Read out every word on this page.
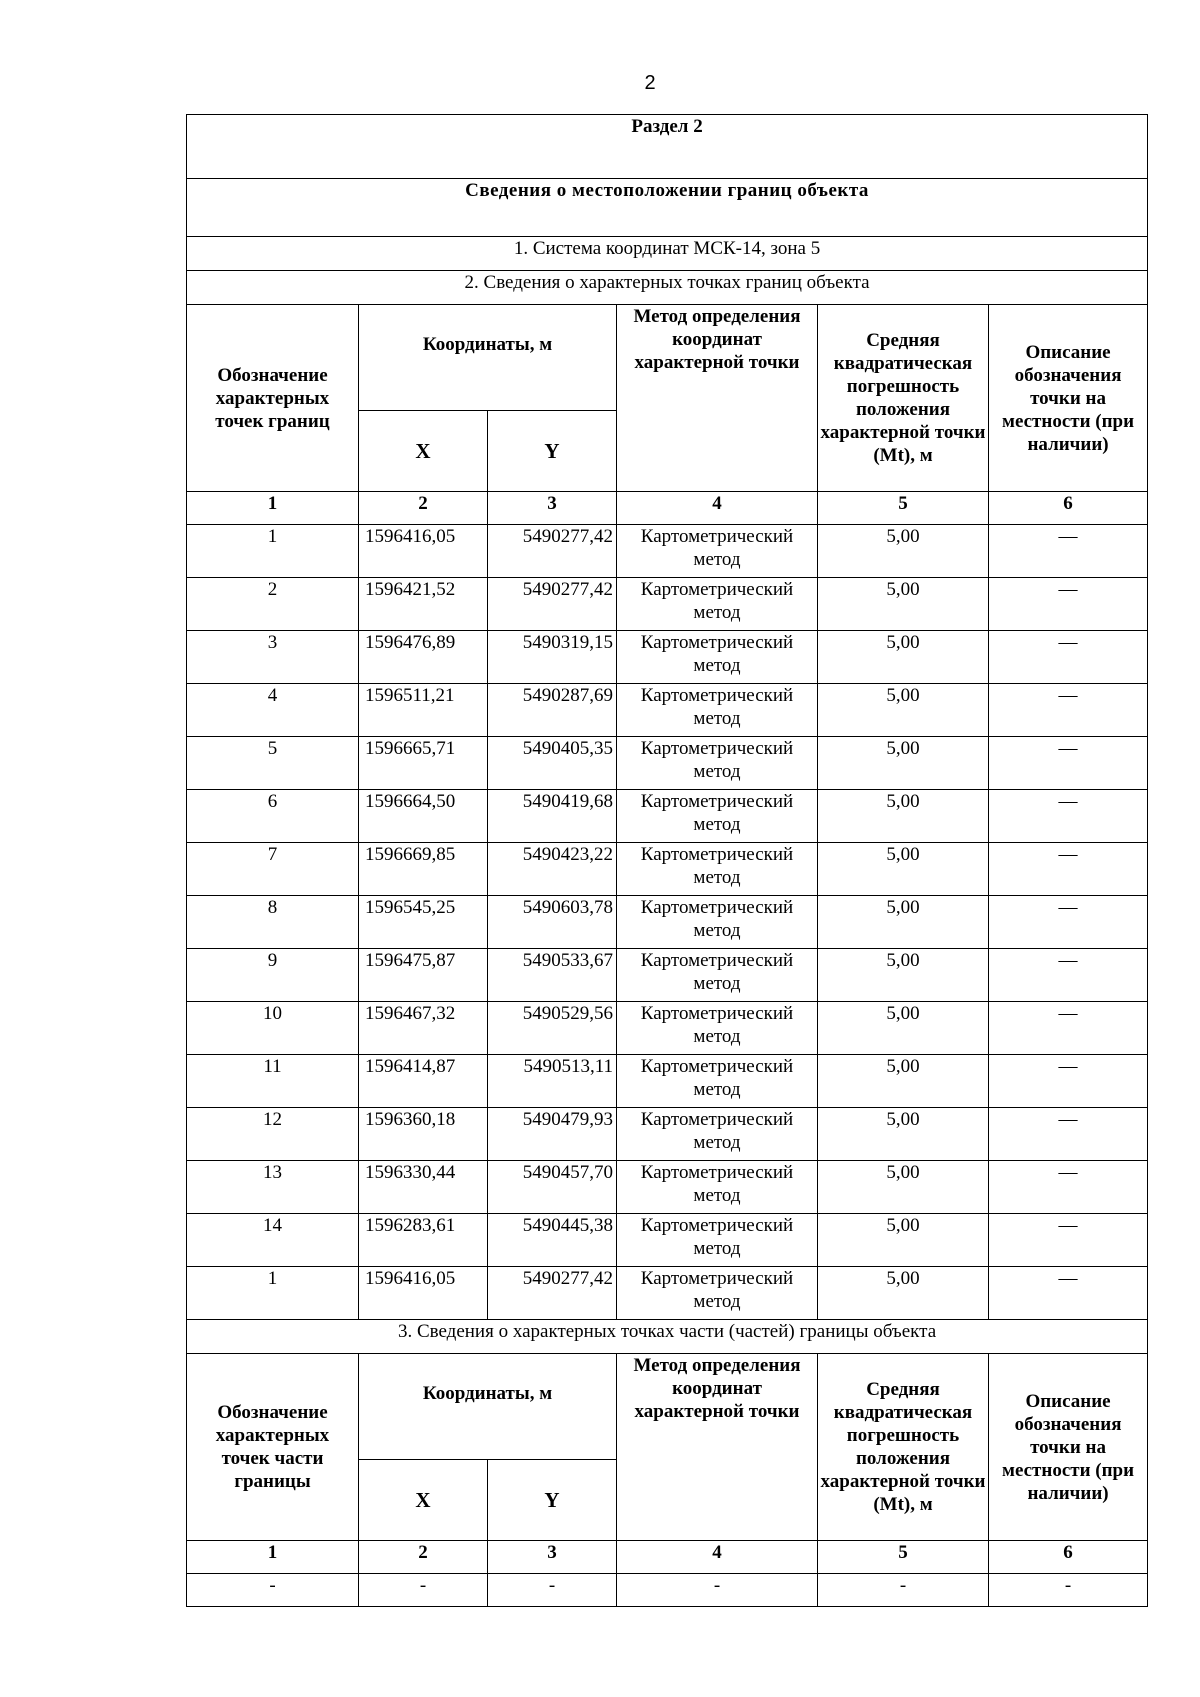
2
Раздел 2					
Сведения о местоположении границ объекта					
1. Система координат МСК-14, зона 5					
2. Сведения о характерных точках границ объекта					
Обозначение характерных точек границ	Координаты, м		Метод определения координат характерной точки	Средняя квадратическая погрешность положения характерной точки (Mt), м	Описание обозначения точки на местности (при наличии)
	X	Y			
1	2	3	4	5	6
1	1596416,05	5490277,42	Картометрический метод	5,00	—
2	1596421,52	5490277,42	Картометрический метод	5,00	—
3	1596476,89	5490319,15	Картометрический метод	5,00	—
4	1596511,21	5490287,69	Картометрический метод	5,00	—
5	1596665,71	5490405,35	Картометрический метод	5,00	—
6	1596664,50	5490419,68	Картометрический метод	5,00	—
7	1596669,85	5490423,22	Картометрический метод	5,00	—
8	1596545,25	5490603,78	Картометрический метод	5,00	—
9	1596475,87	5490533,67	Картометрический метод	5,00	—
10	1596467,32	5490529,56	Картометрический метод	5,00	—
11	1596414,87	5490513,11	Картометрический метод	5,00	—
12	1596360,18	5490479,93	Картометрический метод	5,00	—
13	1596330,44	5490457,70	Картометрический метод	5,00	—
14	1596283,61	5490445,38	Картометрический метод	5,00	—
1	1596416,05	5490277,42	Картометрический метод	5,00	—
3. Сведения о характерных точках части (частей) границы объекта					
Обозначение характерных точек части границы	Координаты, м		Метод определения координат характерной точки	Средняя квадратическая погрешность положения характерной точки (Mt), м	Описание обозначения точки на местности (при наличии)
	X	Y			
1	2	3	4	5	6
-	-	-	-	-	-
